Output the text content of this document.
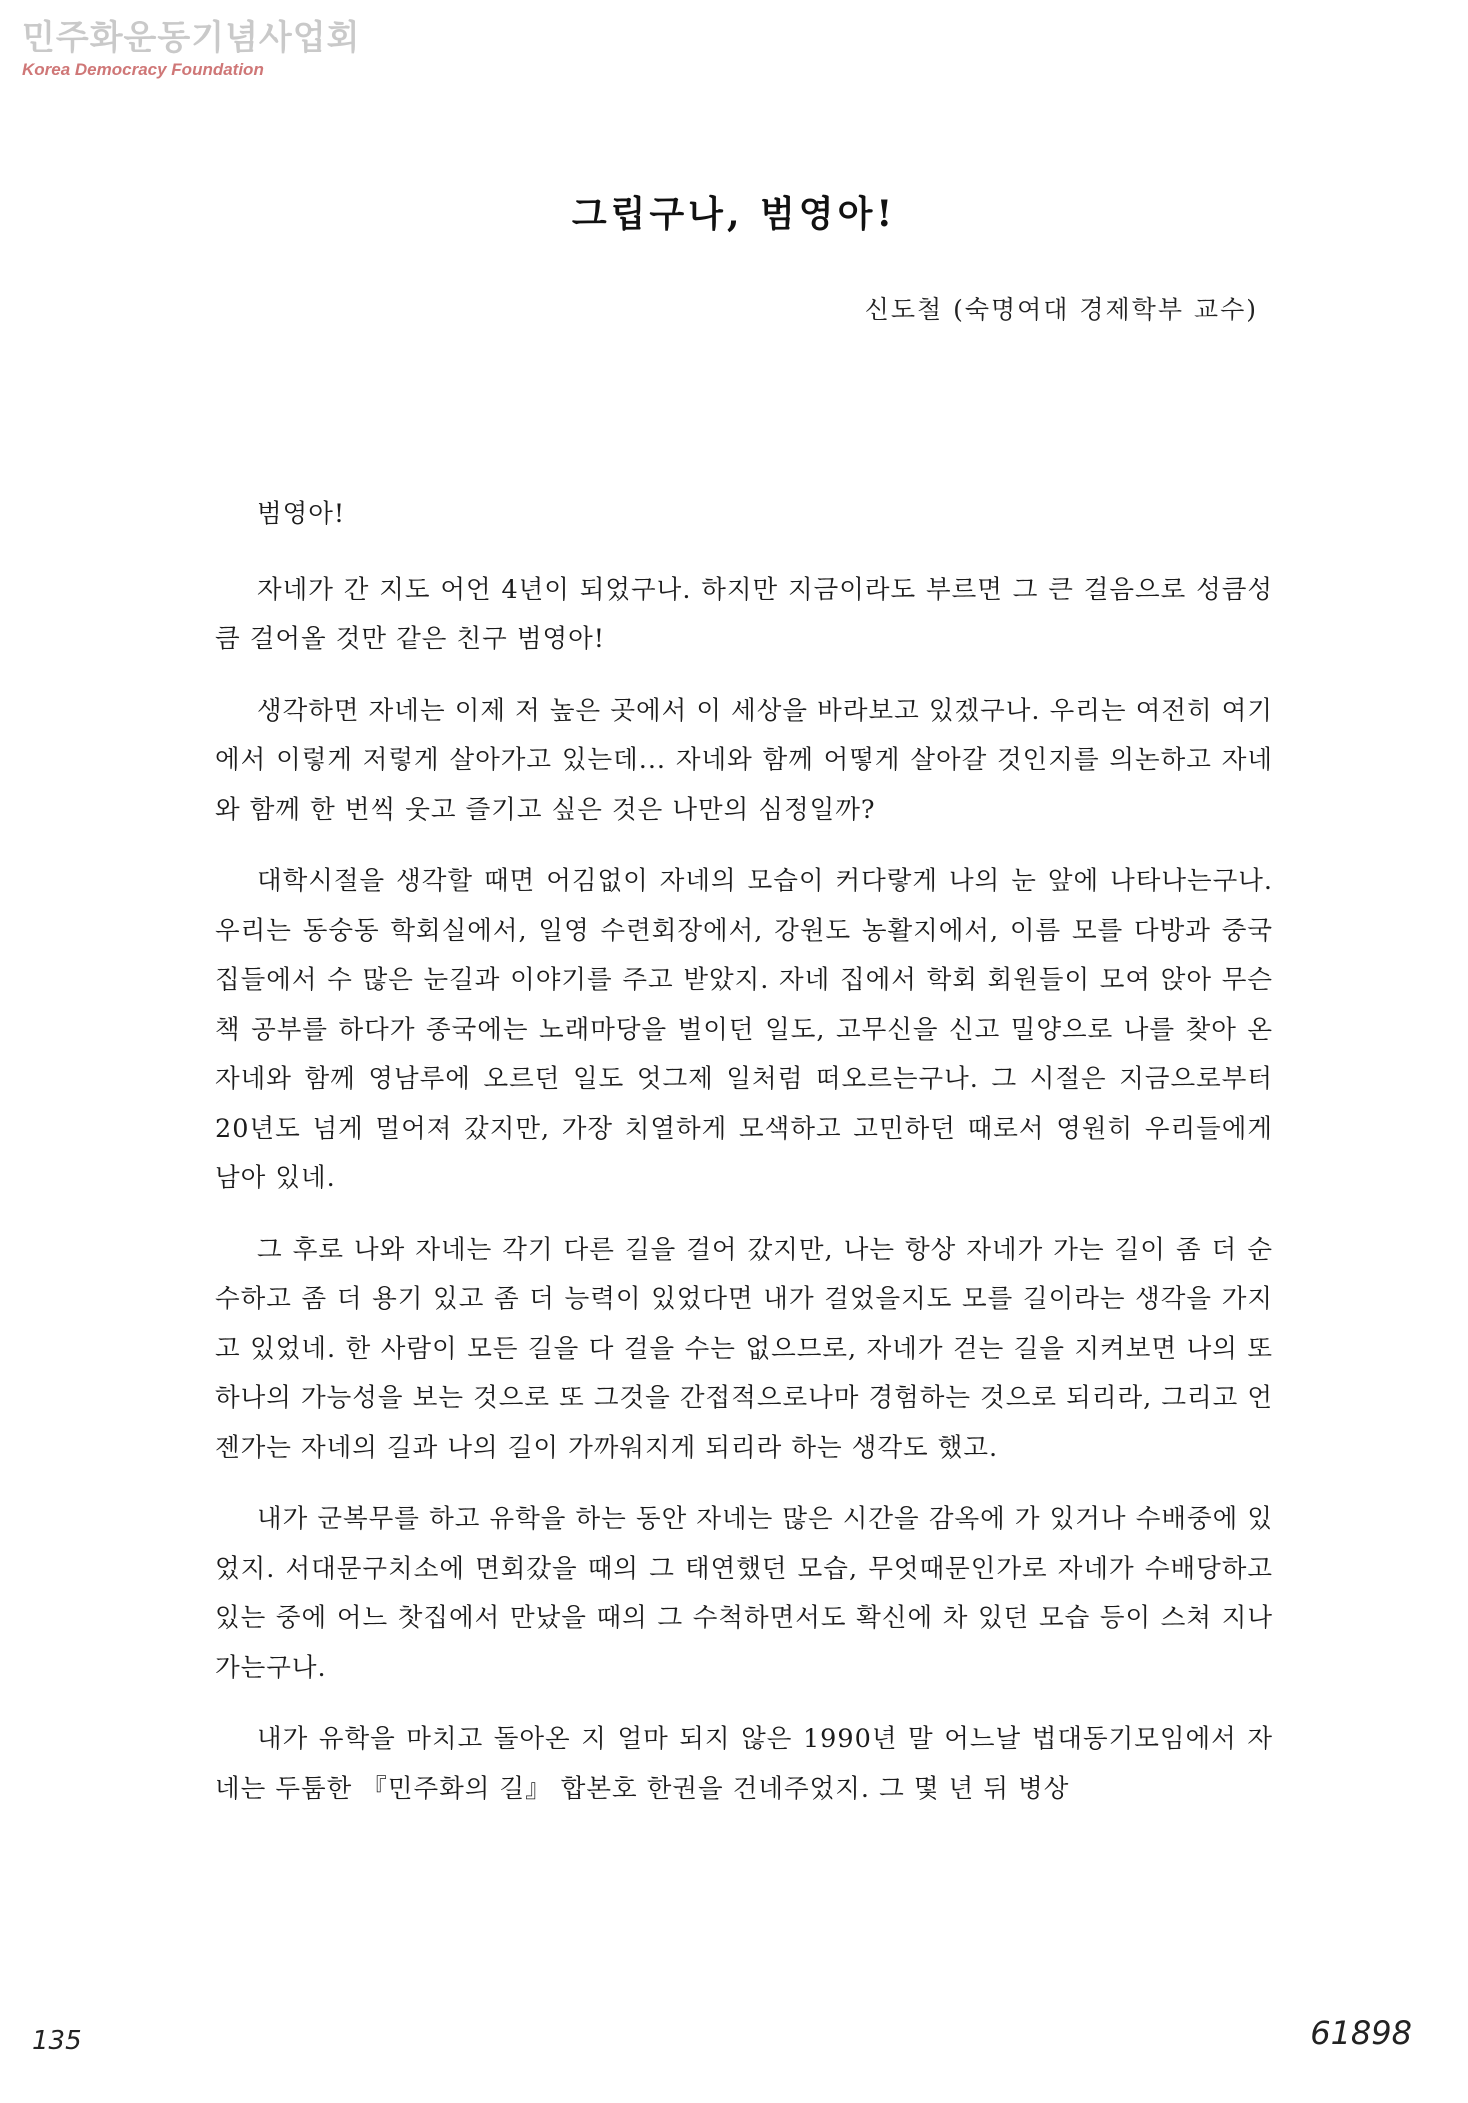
민주화운동기념사업회
Korea Democracy Foundation
그립구나, 범영아!
신도철 (숙명여대 경제학부 교수)

범영아!

자네가 간 지도 어언 4년이 되었구나. 하지만 지금이라도 부르면 그 큰 걸음으로 성큼성큼 걸어올 것만 같은 친구 범영아!

생각하면 자네는 이제 저 높은 곳에서 이 세상을 바라보고 있겠구나. 우리는 여전히 여기에서 이렇게 저렇게 살아가고 있는데... 자네와 함께 어떻게 살아갈 것인지를 의논하고 자네와 함께 한 번씩 웃고 즐기고 싶은 것은 나만의 심정일까?

대학시절을 생각할 때면 어김없이 자네의 모습이 커다랗게 나의 눈 앞에 나타나는구나. 우리는 동숭동 학회실에서, 일영 수련회장에서, 강원도 농활지에서, 이름 모를 다방과 중국집들에서 수 많은 눈길과 이야기를 주고 받았지. 자네 집에서 학회 회원들이 모여 앉아 무슨 책 공부를 하다가 종국에는 노래마당을 벌이던 일도, 고무신을 신고 밀양으로 나를 찾아 온 자네와 함께 영남루에 오르던 일도 엇그제 일처럼 떠오르는구나. 그 시절은 지금으로부터 20년도 넘게 멀어져 갔지만, 가장 치열하게 모색하고 고민하던 때로서 영원히 우리들에게 남아 있네.

그 후로 나와 자네는 각기 다른 길을 걸어 갔지만, 나는 항상 자네가 가는 길이 좀 더 순수하고 좀 더 용기 있고 좀 더 능력이 있었다면 내가 걸었을지도 모를 길이라는 생각을 가지고 있었네. 한 사람이 모든 길을 다 걸을 수는 없으므로, 자네가 걷는 길을 지켜보면 나의 또 하나의 가능성을 보는 것으로 또 그것을 간접적으로나마 경험하는 것으로 되리라, 그리고 언젠가는 자네의 길과 나의 길이 가까워지게 되리라 하는 생각도 했고.

내가 군복무를 하고 유학을 하는 동안 자네는 많은 시간을 감옥에 가 있거나 수배중에 있었지. 서대문구치소에 면회갔을 때의 그 태연했던 모습, 무엇때문인가로 자네가 수배당하고 있는 중에 어느 찻집에서 만났을 때의 그 수척하면서도 확신에 차 있던 모습 등이 스쳐 지나가는구나.

내가 유학을 마치고 돌아온 지 얼마 되지 않은 1990년 말 어느날 법대동기모임에서 자네는 두툼한 『민주화의 길』 합본호 한권을 건네주었지. 그 몇 년 뒤 병상

135	61898
